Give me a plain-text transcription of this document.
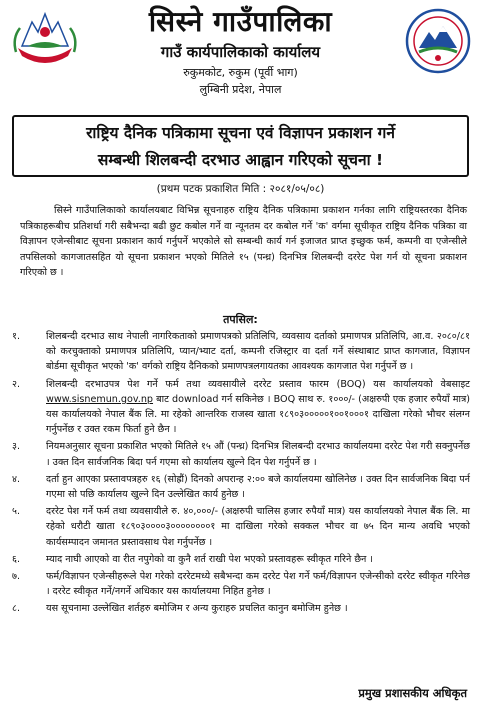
सिस्ने गाउँपालिका
गाउँ कार्यपालिकाको कार्यालय
रुकुमकोट, रुकुम (पूर्वी भाग)
लुम्बिनी प्रदेश, नेपाल
राष्ट्रिय दैनिक पत्रिकामा सूचना एवं विज्ञापन प्रकाशन गर्ने
सम्बन्धी शिलबन्दी दरभाउ आह्वान गरिएको सूचना !
(प्रथम पटक प्रकाशित मिति : २०८१/०५/०८)

सिस्ने गाउँपालिकाको कार्यालयबाट विभिन्न सूचनाहरु राष्ट्रिय दैनिक पत्रिकामा प्रकाशन गर्नका लागि राष्ट्रियस्तरका दैनिक पत्रिकाहरूबीच प्रतिशर्धा गरी सबैभन्दा बढी छुट कबोल गर्ने वा न्यूनतम दर कबोल गर्ने 'क' वर्गमा सूचीकृत राष्ट्रिय दैनिक पत्रिका वा विज्ञापन एजेन्सीबाट सूचना प्रकाशन कार्य गर्नुपर्ने भएकोले सो सम्बन्धी कार्य गर्न इजाजत प्राप्त इच्छुक फर्म, कम्पनी वा एजेन्सीले तपसिलको कागजातसहित यो सूचना प्रकाशन भएको मितिले १५ (पन्ध्र) दिनभित्र शिलबन्दी दररेट पेश गर्न यो सूचना प्रकाशन गरिएको छ ।

तपसिल:
१.	शिलबन्दी दरभाउ साथ नेपाली नागरिकताको प्रमाणपत्रको प्रतिलिपि, व्यवसाय दर्ताको प्रमाणपत्र प्रतिलिपि, आ.व. २०८०/८१ को करचुक्ताको प्रमाणपत्र प्रतिलिपि, प्यान/भ्याट दर्ता, कम्पनी रजिस्ट्रार वा दर्ता गर्ने संस्थाबाट प्राप्त कागजात, विज्ञापन बोर्डमा सूचीकृत भएको 'क' वर्गको राष्ट्रिय दैनिकको प्रमाणपत्रलगायतका आवश्यक कागजात पेश गर्नुपर्ने छ ।
२.	शिलबन्दी दरभाउपत्र पेश गर्ने फर्म तथा व्यवसायीले दररेट प्रस्ताव फारम (BOQ) यस कार्यालयको वेबसाइट www.sisnemun.gov.np बाट download गर्न सकिनेछ । BOQ साथ रु. १०००/- (अक्षरुपी एक हजार रुपैयाँ मात्र) यस कार्यालयको नेपाल बैंक लि. मा रहेको आन्तरिक राजस्व खाता १८९०३०००००१००१०००१ दाखिला गरेको भौचर संलग्न गर्नुपर्नेछ र उक्त रकम फिर्ता हुने छैन ।
३.	नियमअनुसार सूचना प्रकाशित भएको मितिले १५ औं (पन्ध्र) दिनभित्र शिलबन्दी दरभाउ कार्यालयमा दररेट पेश गरी सक्नुपर्नेछ । उक्त दिन सार्वजनिक बिदा पर्न गएमा सो कार्यालय खुल्ने दिन पेश गर्नुपर्ने छ ।
४.	दर्ता हुन आएका प्रस्तावपत्रहरु १६ (सोह्रौं) दिनको अपरान्ह २:०० बजे कार्यालयमा खोलिनेछ । उक्त दिन सार्वजनिक बिदा पर्न गएमा सो पछि कार्यालय खुल्ने दिन उल्लेखित कार्य हुनेछ ।
५.	दररेट पेश गर्ने फर्म तथा व्यवसायीले रु. ४०,०००/- (अक्षरुपी चालिस हजार रुपैयाँ मात्र) यस कार्यालयको नेपाल बैंक लि. मा रहेको धरौटी खाता १८९०३००००३००००००००१ मा दाखिला गरेको सक्कल भौचर वा ७५ दिन मान्य अवधि भएको कार्यसम्पादन जमानत प्रस्तावसाथ पेश गर्नुपर्नेछ ।
६.	म्याद नाघी आएको वा रीत नपुगेको वा कुनै शर्त राखी पेश भएको प्रस्तावहरू स्वीकृत गरिने छैन ।
७.	फर्म/विज्ञापन एजेन्सीहरूले पेश गरेको दररेटमध्ये सबैभन्दा कम दररेट पेश गर्ने फर्म/विज्ञापन एजेन्सीको दररेट स्वीकृत गरिनेछ । दररेट स्वीकृत गर्ने/नगर्ने अधिकार यस कार्यालयमा निहित हुनेछ ।
८.	यस सूचनामा उल्लेखित शर्तहरु बमोजिम र अन्य कुराहरु प्रचलित कानुन बमोजिम हुनेछ ।
प्रमुख प्रशासकीय अधिकृत
